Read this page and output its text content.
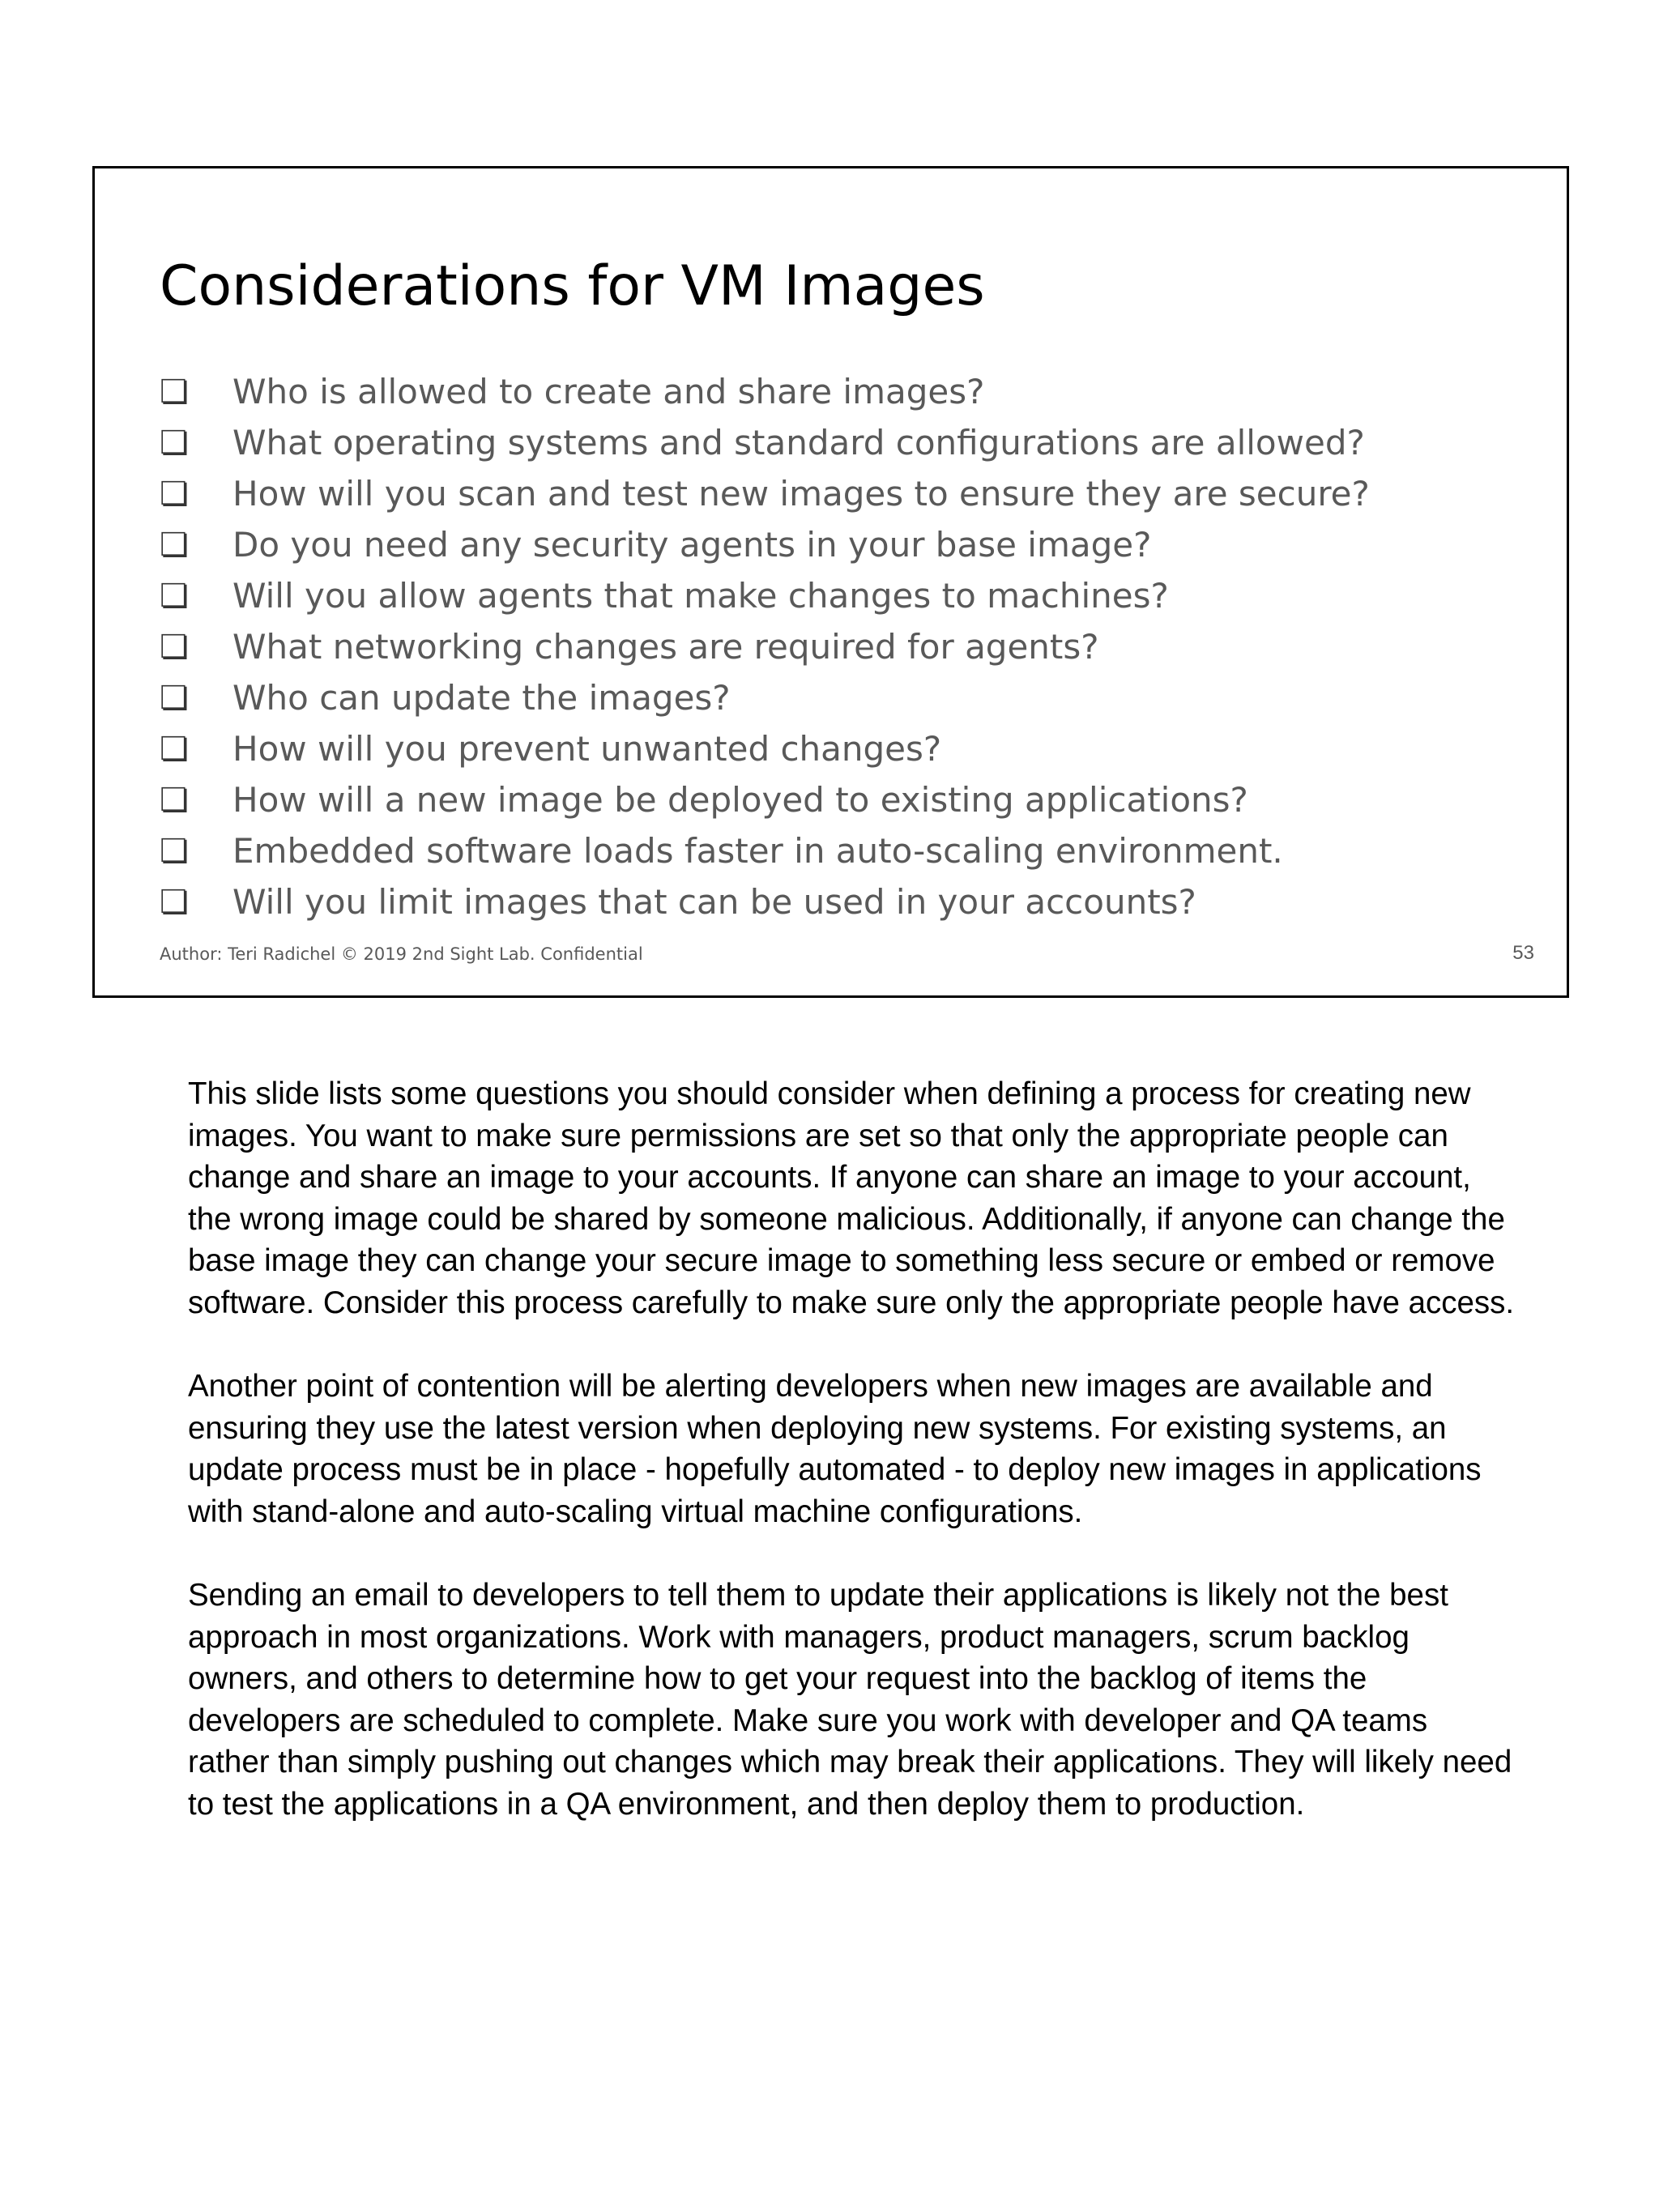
Considerations for VM Images
❏	Who is allowed to create and share images?
❏	What operating systems and standard configurations are allowed?
❏	How will you scan and test new images to ensure they are secure?
❏	Do you need any security agents in your base image?
❏	Will you allow agents that make changes to machines?
❏	What networking changes are required for agents?
❏	Who can update the images?
❏	How will you prevent unwanted changes?
❏	How will a new image be deployed to existing applications?
❏	Embedded software loads faster in auto-scaling environment.
❏	Will you limit images that can be used in your accounts?
Author: Teri Radichel © 2019 2nd Sight Lab. Confidential	53

This slide lists some questions you should consider when defining a process for creating new images. You want to make sure permissions are set so that only the appropriate people can change and share an image to your accounts. If anyone can share an image to your account, the wrong image could be shared by someone malicious. Additionally, if anyone can change the base image they can change your secure image to something less secure or embed or remove software. Consider this process carefully to make sure only the appropriate people have access.

Another point of contention will be alerting developers when new images are available and ensuring they use the latest version when deploying new systems. For existing systems, an update process must be in place - hopefully automated - to deploy new images in applications with stand-alone and auto-scaling virtual machine configurations.

Sending an email to developers to tell them to update their applications is likely not the best approach in most organizations. Work with managers, product managers, scrum backlog owners, and others to determine how to get your request into the backlog of items the developers are scheduled to complete. Make sure you work with developer and QA teams rather than simply pushing out changes which may break their applications. They will likely need to test the applications in a QA environment, and then deploy them to production.
